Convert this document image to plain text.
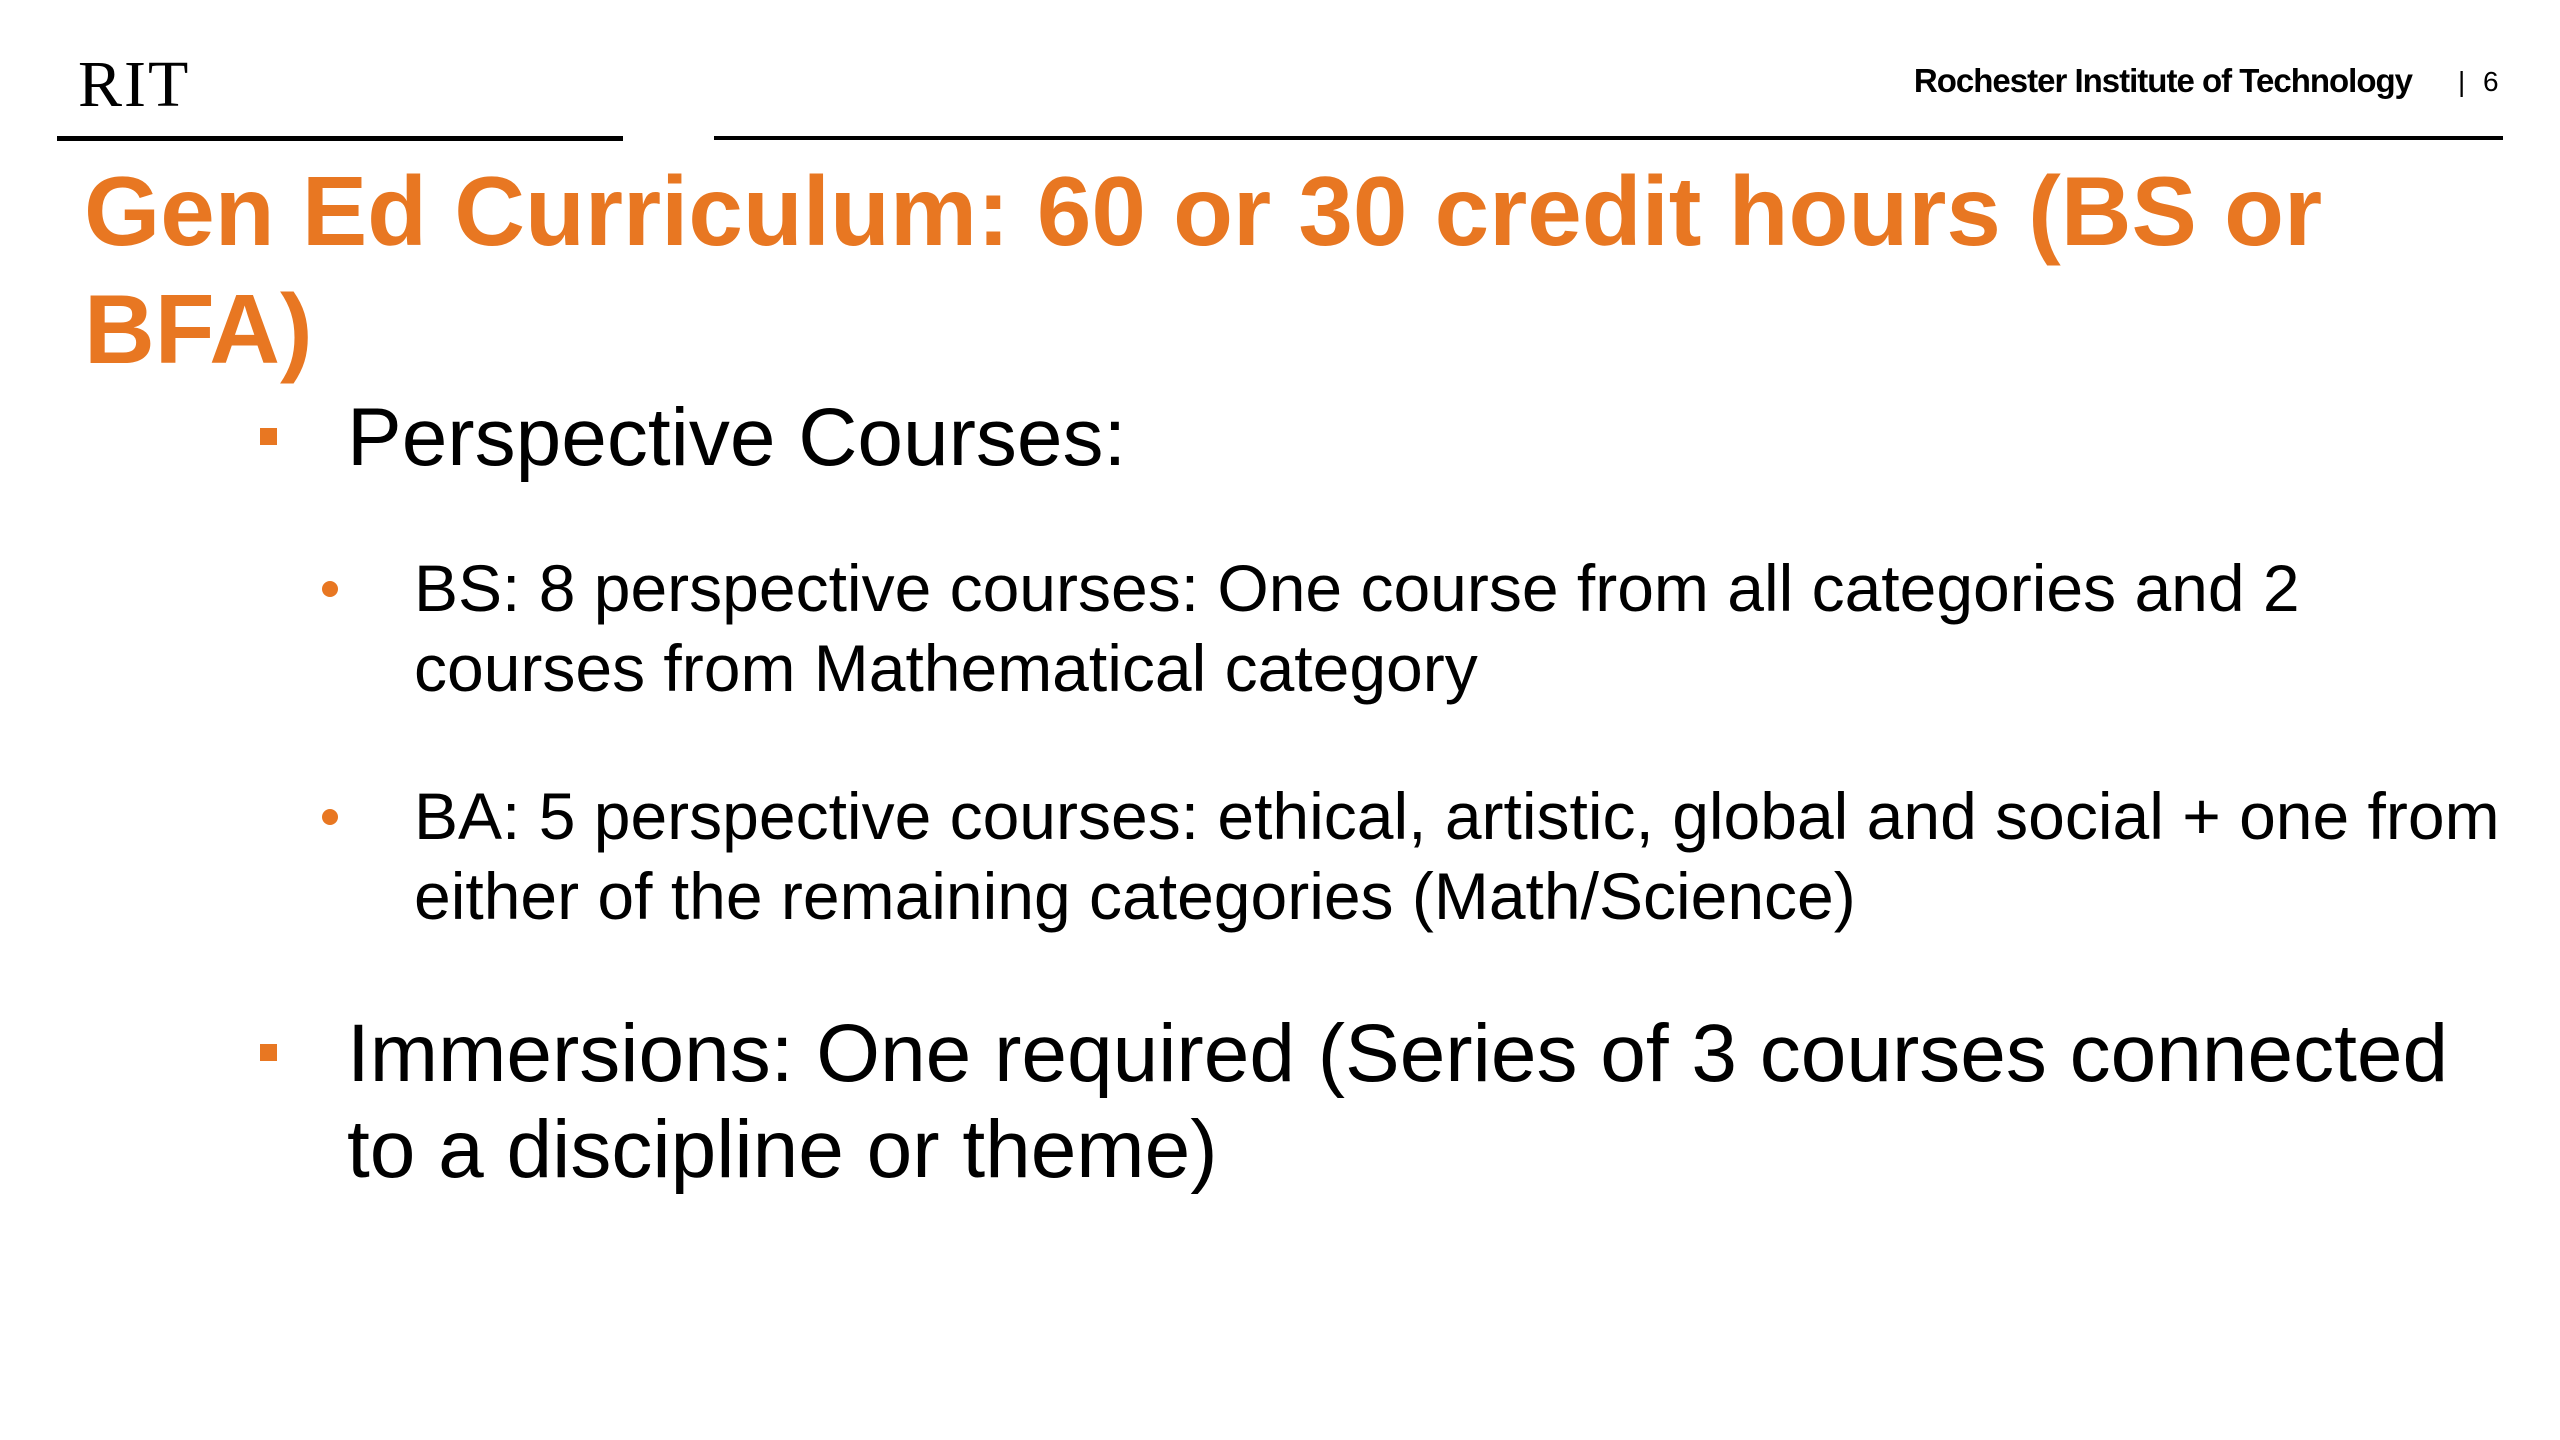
RIT	Rochester Institute of Technology | 6
Gen Ed Curriculum: 60 or 30 credit hours (BS or BFA)
Perspective Courses:
BS: 8 perspective courses: One course from all categories and 2 courses from Mathematical category
BA: 5 perspective courses: ethical, artistic, global and social + one from either of the remaining categories (Math/Science)
Immersions: One required (Series of 3 courses connected to a discipline or theme)
